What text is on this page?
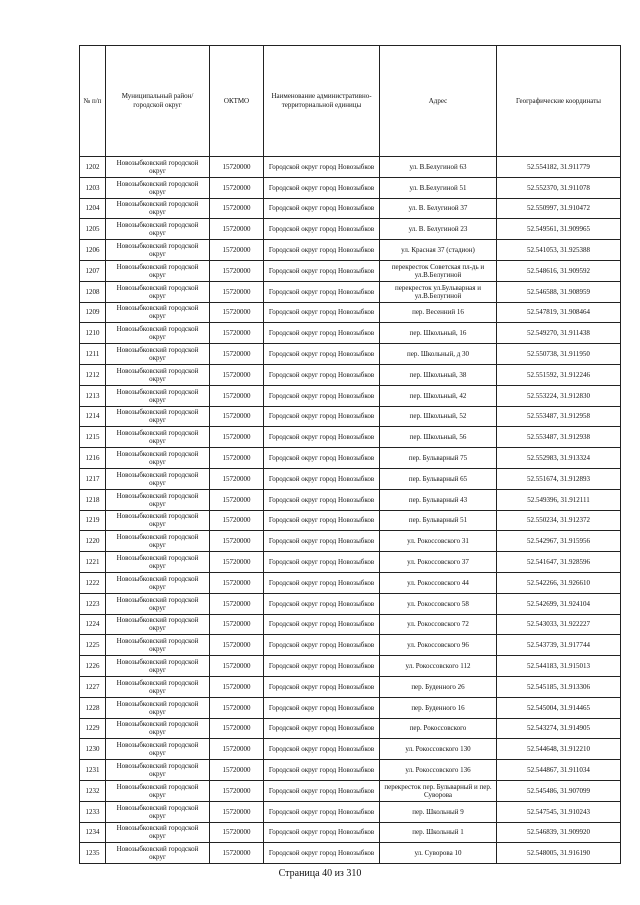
№ п/п	Муниципальный район/городской округ	ОКТМО	Наименование административно-территориальной единицы	Адрес	Географические координаты
1202	Новозыбковский городской округ	15720000	Городской округ город Новозыбков	ул. В.Белугиной 63	52.554182, 31.911779
1203	Новозыбковский городской округ	15720000	Городской округ город Новозыбков	ул. В.Белугиной 51	52.552370, 31.911078
1204	Новозыбковский городской округ	15720000	Городской округ город Новозыбков	ул. В. Белугиной 37	52.550997, 31.910472
1205	Новозыбковский городской округ	15720000	Городской округ город Новозыбков	ул. В. Белугиной 23	52.549561, 31.909965
1206	Новозыбковский городской округ	15720000	Городской округ город Новозыбков	ул. Красная 37 (стадион)	52.541053, 31.925388
1207	Новозыбковский городской округ	15720000	Городской округ город Новозыбков	перекресток Советская пл-дь и ул.В.Белугиной	52.548616, 31.909592
1208	Новозыбковский городской округ	15720000	Городской округ город Новозыбков	перекресток ул.Бульварная и ул.В.Белугиной	52.546588, 31.908959
1209	Новозыбковский городской округ	15720000	Городской округ город Новозыбков	пер. Весенний 16	52.547819, 31.908464
1210	Новозыбковский городской округ	15720000	Городской округ город Новозыбков	пер. Школьный, 16	52.549270, 31.911438
1211	Новозыбковский городской округ	15720000	Городской округ город Новозыбков	пер. Школьный, д 30	52.550738, 31.911950
1212	Новозыбковский городской округ	15720000	Городской округ город Новозыбков	пер. Школьный, 38	52.551592, 31.912246
1213	Новозыбковский городской округ	15720000	Городской округ город Новозыбков	пер. Школьный, 42	52.553224, 31.912830
1214	Новозыбковский городской округ	15720000	Городской округ город Новозыбков	пер. Школьный, 52	52.553487, 31.912958
1215	Новозыбковский городской округ	15720000	Городской округ город Новозыбков	пер. Школьный, 56	52.553487, 31.912938
1216	Новозыбковский городской округ	15720000	Городской округ город Новозыбков	пер. Бульварный 75	52.552983, 31.913324
1217	Новозыбковский городской округ	15720000	Городской округ город Новозыбков	пер. Бульварный 65	52.551674, 31.912893
1218	Новозыбковский городской округ	15720000	Городской округ город Новозыбков	пер. Бульварный 43	52.549396, 31.912111
1219	Новозыбковский городской округ	15720000	Городской округ город Новозыбков	пер. Бульварный 51	52.550234, 31.912372
1220	Новозыбковский городской округ	15720000	Городской округ город Новозыбков	ул. Рокоссовского 31	52.542967, 31.915956
1221	Новозыбковский городской округ	15720000	Городской округ город Новозыбков	ул. Рокоссовского 37	52.541647, 31.928596
1222	Новозыбковский городской округ	15720000	Городской округ город Новозыбков	ул. Рокоссовского 44	52.542266, 31.926610
1223	Новозыбковский городской округ	15720000	Городской округ город Новозыбков	ул. Рокоссовского 58	52.542699, 31.924104
1224	Новозыбковский городской округ	15720000	Городской округ город Новозыбков	ул. Рокоссовского 72	52.543033, 31.922227
1225	Новозыбковский городской округ	15720000	Городской округ город Новозыбков	ул. Рокоссовского 96	52.543739, 31.917744
1226	Новозыбковский городской округ	15720000	Городской округ город Новозыбков	ул. Рокоссовского 112	52.544183, 31.915013
1227	Новозыбковский городской округ	15720000	Городской округ город Новозыбков	пер. Буденного 26	52.545185, 31.913306
1228	Новозыбковский городской округ	15720000	Городской округ город Новозыбков	пер. Буденного 16	52.545004, 31.914465
1229	Новозыбковский городской округ	15720000	Городской округ город Новозыбков	пер. Рокоссовского	52.543274, 31.914905
1230	Новозыбковский городской округ	15720000	Городской округ город Новозыбков	ул. Рокоссовского 130	52.544648, 31.912210
1231	Новозыбковский городской округ	15720000	Городской округ город Новозыбков	ул. Рокоссовского 136	52.544867, 31.911034
1232	Новозыбковский городской округ	15720000	Городской округ город Новозыбков	перекресток пер. Бульварный и пер. Суворова	52.545486, 31.907099
1233	Новозыбковский городской округ	15720000	Городской округ город Новозыбков	пер. Школьный 9	52.547545, 31.910243
1234	Новозыбковский городской округ	15720000	Городской округ город Новозыбков	пер. Школьный 1	52.546839, 31.909920
1235	Новозыбковский городской округ	15720000	Городской округ город Новозыбков	ул. Суворова 10	52.548005, 31.916190
Страница 40 из 310
